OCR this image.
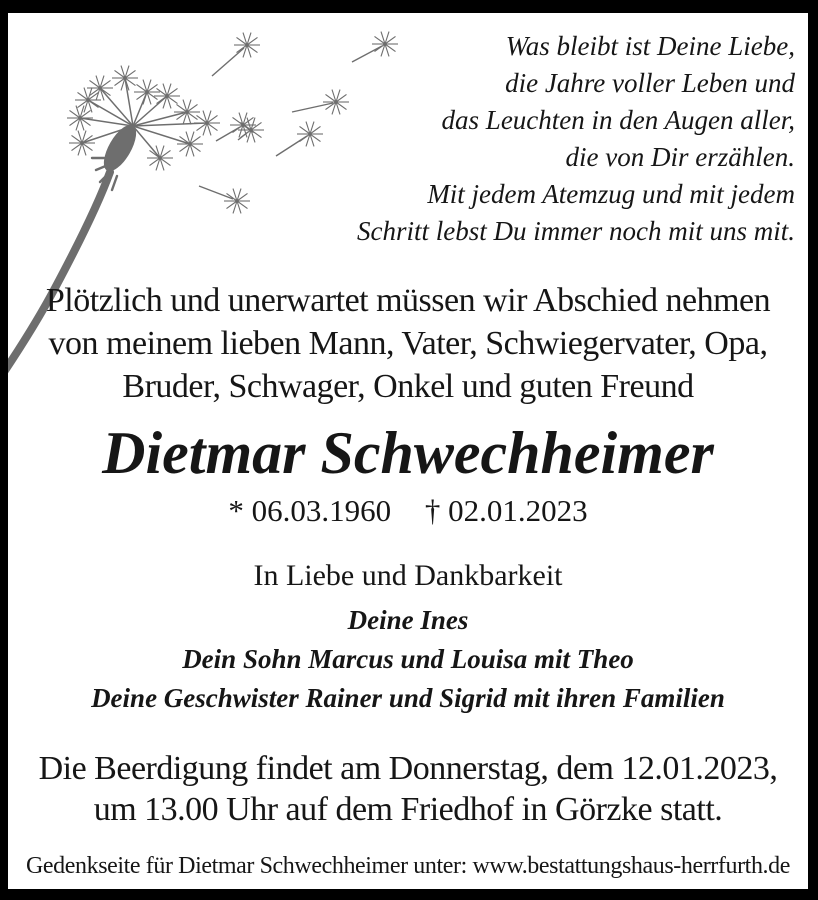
Was bleibt ist Deine Liebe,
die Jahre voller Leben und
das Leuchten in den Augen aller,
die von Dir erzählen.
Mit jedem Atemzug und mit jedem
Schritt lebst Du immer noch mit uns mit.
Plötzlich und unerwartet müssen wir Abschied nehmen
von meinem lieben Mann, Vater, Schwiegervater, Opa,
Bruder, Schwager, Onkel und guten Freund
Dietmar Schwechheimer
* 06.03.1960 † 02.01.2023
In Liebe und Dankbarkeit
Deine Ines
Dein Sohn Marcus und Louisa mit Theo
Deine Geschwister Rainer und Sigrid mit ihren Familien
Die Beerdigung findet am Donnerstag, dem 12.01.2023,
um 13.00 Uhr auf dem Friedhof in Görzke statt.
Gedenkseite für Dietmar Schwechheimer unter: www.bestattungshaus-herrfurth.de
